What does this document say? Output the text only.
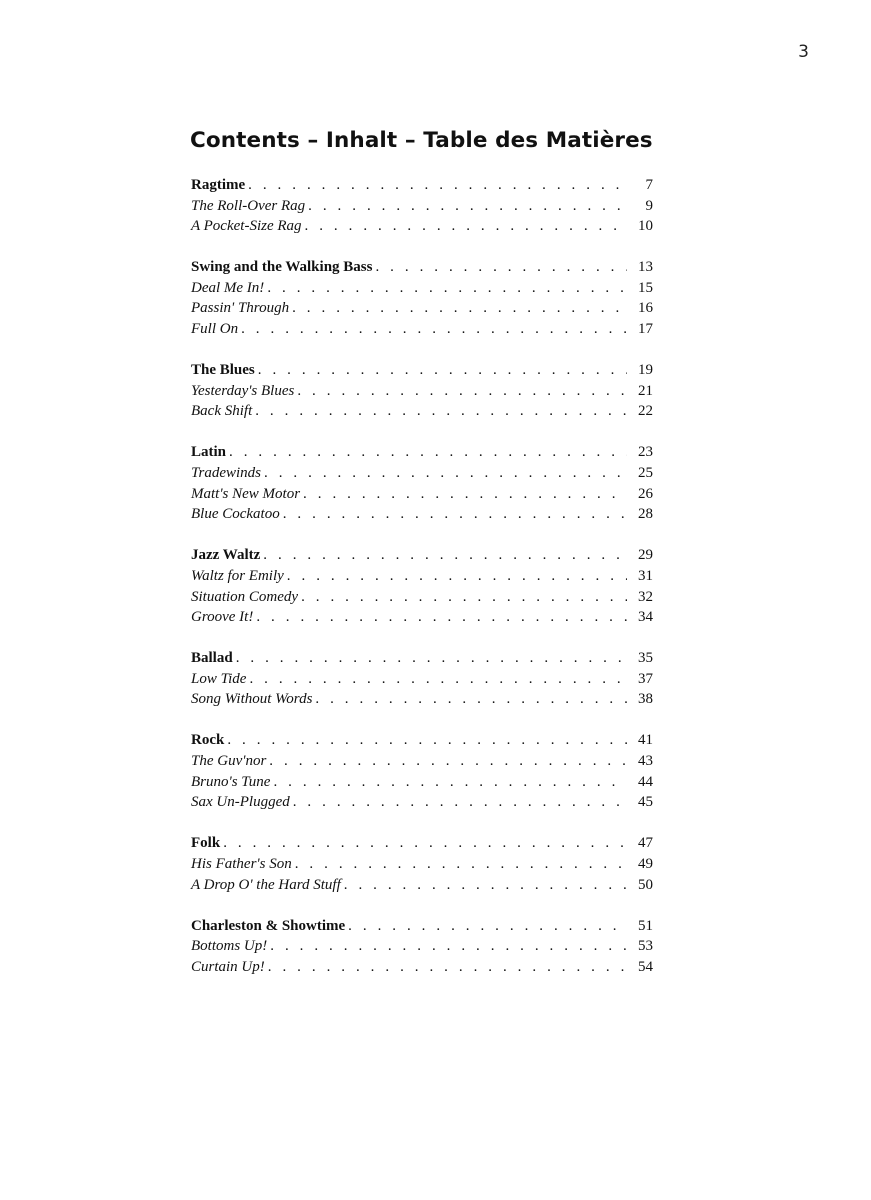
3
Contents – Inhalt – Table des Matières
Ragtime . . .	7
The Roll-Over Rag . . .	9
A Pocket-Size Rag . . .	10
Swing and the Walking Bass . . .	13
Deal Me In! . . .	15
Passin' Through . . .	16
Full On . . .	17
The Blues . . .	19
Yesterday's Blues . . .	21
Back Shift . . .	22
Latin . . .	23
Tradewinds . . .	25
Matt's New Motor . . .	26
Blue Cockatoo . . .	28
Jazz Waltz . . .	29
Waltz for Emily . . .	31
Situation Comedy . . .	32
Groove It! . . .	34
Ballad . . .	35
Low Tide . . .	37
Song Without Words . . .	38
Rock . . .	41
The Guv'nor . . .	43
Bruno's Tune . . .	44
Sax Un-Plugged . . .	45
Folk . . .	47
His Father's Son . . .	49
A Drop O' the Hard Stuff . . .	50
Charleston & Showtime . . .	51
Bottoms Up! . . .	53
Curtain Up! . . .	54
